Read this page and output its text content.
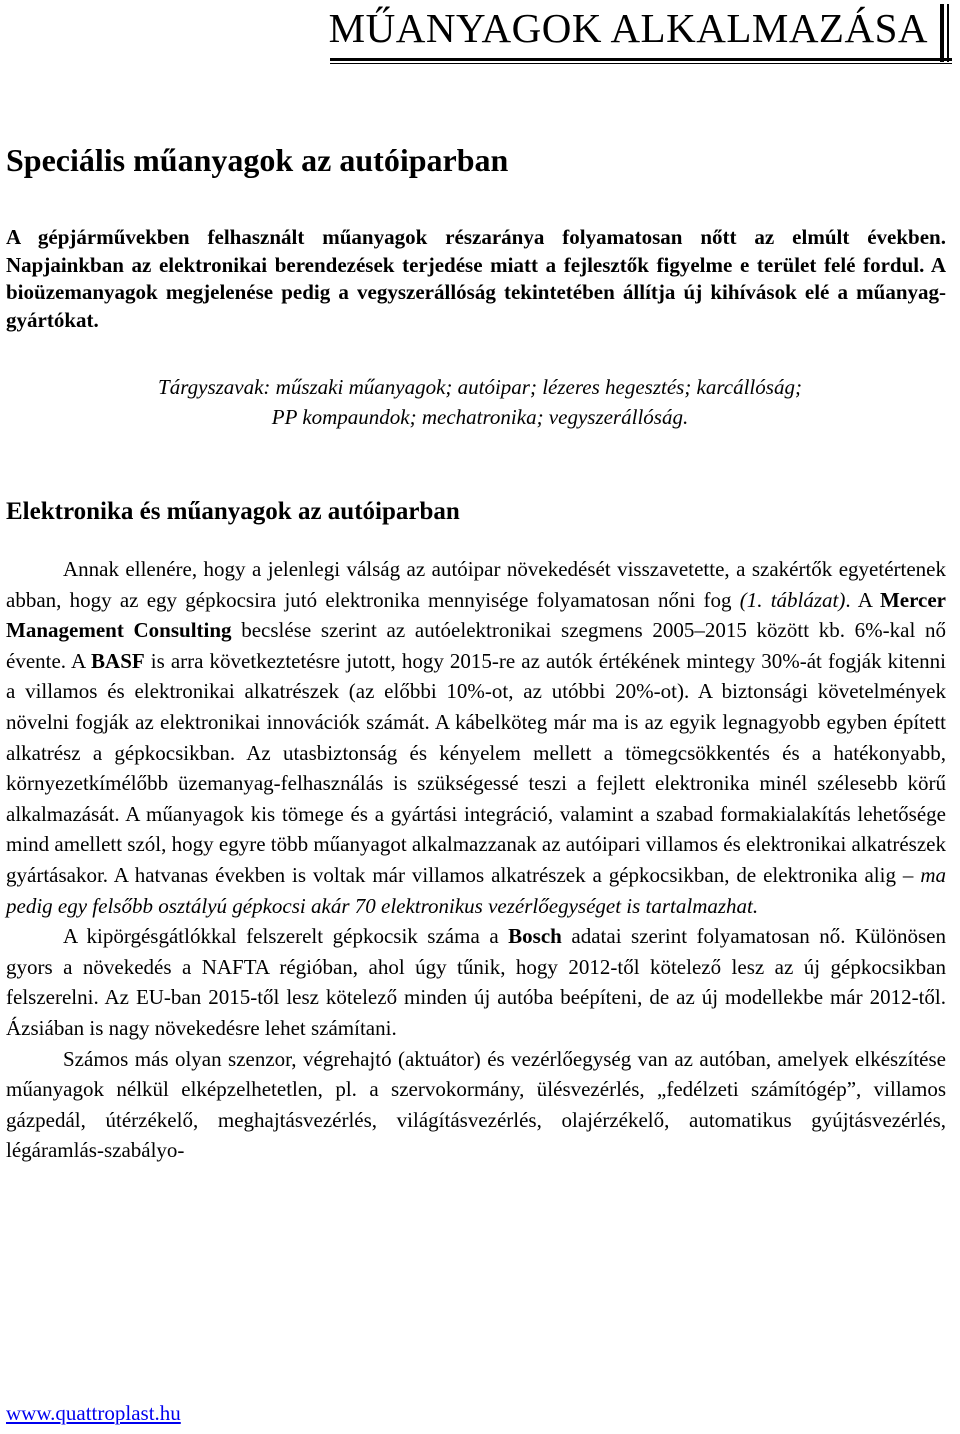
MŰANYAGOK ALKALMAZÁSA
Speciális műanyagok az autóiparban

A gépjárművekben felhasznált műanyagok részaránya folyamatosan nőtt az elmúlt években. Napjainkban az elektronikai berendezések terjedése miatt a fejlesztők figyelme e terület felé fordul. A bioüzemanyagok megjelenése pedig a vegyszerállóság tekintetében állítja új kihívások elé a műanyag-gyártókat.

Tárgyszavak: műszaki műanyagok; autóipar; lézeres hegesztés; karcállóság;
PP kompaundok; mechatronika; vegyszerállóság.

Elektronika és műanyagok az autóiparban

Annak ellenére, hogy a jelenlegi válság az autóipar növekedését visszavetette, a szakértők egyetértenek abban, hogy az egy gépkocsira jutó elektronika mennyisége folyamatosan nőni fog (1. táblázat). A Mercer Management Consulting becslése szerint az autóelektronikai szegmens 2005–2015 között kb. 6%-kal nő évente. A BASF is arra következtetésre jutott, hogy 2015-re az autók értékének mintegy 30%-át fogják kitenni a villamos és elektronikai alkatrészek (az előbbi 10%-ot, az utóbbi 20%-ot). A biztonsági követelmények növelni fogják az elektronikai innovációk számát. A kábelköteg már ma is az egyik legnagyobb egyben épített alkatrész a gépkocsikban. Az utasbiztonság és kényelem mellett a tömegcsökkentés és a hatékonyabb, környezetkímélőbb üzemanyag-felhasználás is szükségessé teszi a fejlett elektronika minél szélesebb körű alkalmazását. A műanyagok kis tömege és a gyártási integráció, valamint a szabad formakialakítás lehetősége mind amellett szól, hogy egyre több műanyagot alkalmazzanak az autóipari villamos és elektronikai alkatrészek gyártásakor. A hatvanas években is voltak már villamos alkatrészek a gépkocsikban, de elektronika alig – ma pedig egy felsőbb osztályú gépkocsi akár 70 elektronikus vezérlőegységet is tartalmazhat.

A kipörgésgátlókkal felszerelt gépkocsik száma a Bosch adatai szerint folyamatosan nő. Különösen gyors a növekedés a NAFTA régióban, ahol úgy tűnik, hogy 2012-től kötelező lesz az új gépkocsikban felszerelni. Az EU-ban 2015-től lesz kötelező minden új autóba beépíteni, de az új modellekbe már 2012-től. Ázsiában is nagy növekedésre lehet számítani.

Számos más olyan szenzor, végrehajtó (aktuátor) és vezérlőegység van az autóban, amelyek elkészítése műanyagok nélkül elképzelhetetlen, pl. a szervokormány, ülésvezérlés, „fedélzeti számítógép”, villamos gázpedál, útérzékelő, meghajtásvezérlés, világításvezérlés, olajérzékelő, automatikus gyújtásvezérlés, légáramlás-szabályo-

www.quattroplast.hu
